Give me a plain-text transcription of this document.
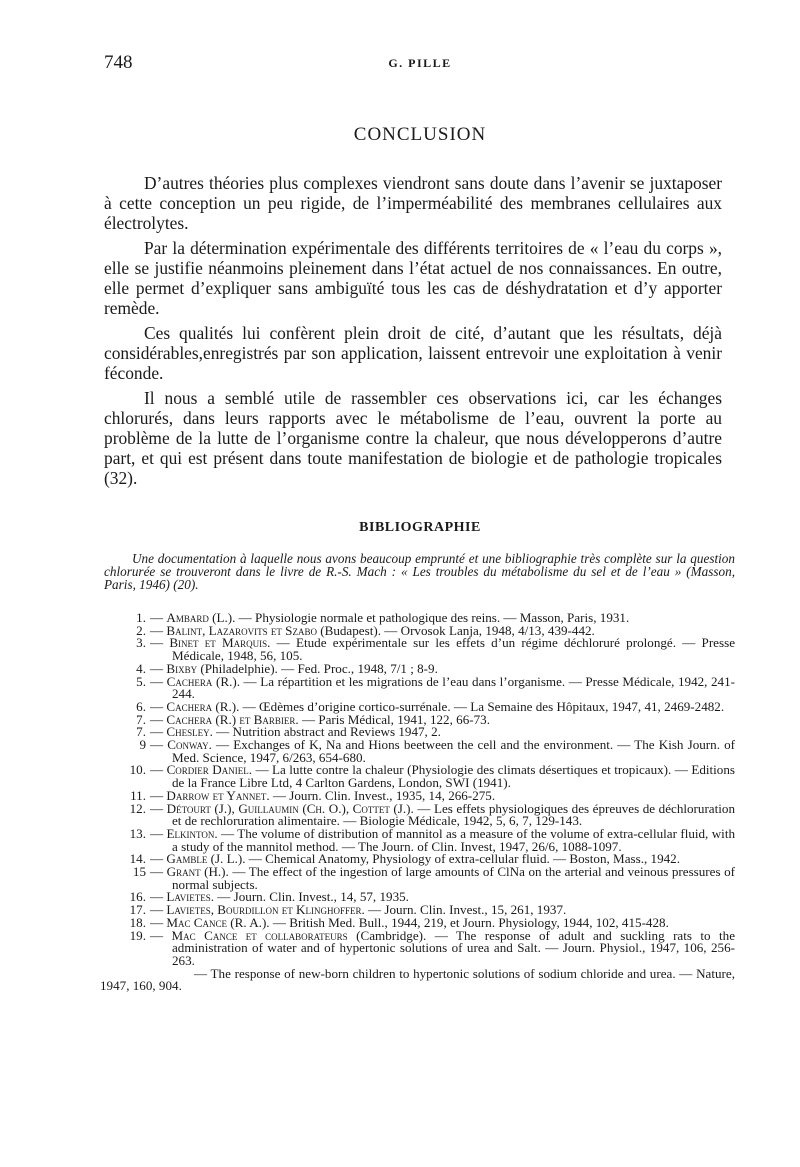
748	G. PILLE
CONCLUSION

D’autres théories plus complexes viendront sans doute dans l’avenir se juxtaposer à cette conception un peu rigide, de l’imperméabilité des membranes cellulaires aux électrolytes.

Par la détermination expérimentale des différents territoires de « l’eau du corps », elle se justifie néanmoins pleinement dans l’état actuel de nos connaissances. En outre, elle permet d’expliquer sans ambiguïté tous les cas de déshydratation et d’y apporter remède.

Ces qualités lui confèrent plein droit de cité, d’autant que les résultats, déjà considérables,enregistrés par son application, laissent entrevoir une exploitation à venir féconde.

Il nous a semblé utile de rassembler ces observations ici, car les échanges chlorurés, dans leurs rapports avec le métabolisme de l’eau, ouvrent la porte au problème de la lutte de l’organisme contre la chaleur, que nous développerons d’autre part, et qui est présent dans toute manifestation de biologie et de pathologie tropicales (32).

BIBLIOGRAPHIE

Une documentation à laquelle nous avons beaucoup emprunté et une bibliographie très complète sur la question chlorurée se trouveront dans le livre de R.-S. Mach : « Les troubles du métabolisme du sel et de l’eau » (Masson, Paris, 1946) (20).

1. — Ambard (L.). — Physiologie normale et pathologique des reins. — Masson, Paris, 1931.
2. — Balint, Lazarovits et Szabo (Budapest). — Orvosok Lanja, 1948, 4/13, 439-442.
3. — Binet et Marquis. — Etude expérimentale sur les effets d’un régime déchloruré prolongé. — Presse Médicale, 1948, 56, 105.
4. — Bixby (Philadelphie). — Fed. Proc., 1948, 7/1 ; 8-9.
5. — Cachera (R.). — La répartition et les migrations de l’eau dans l’organisme. — Presse Médicale, 1942, 241-244.
6. — Cachera (R.). — Œdèmes d’origine cortico-surrénale. — La Semaine des Hôpitaux, 1947, 41, 2469-2482.
7. — Cachera (R.) et Barbier. — Paris Médical, 1941, 122, 66-73.
7. — Chesley. — Nutrition abstract and Reviews 1947, 2.
9 — Conway. — Exchanges of K, Na and Hions beetween the cell and the environment. — The Kish Journ. of Med. Science, 1947, 6/263, 654-680.
10. — Cordier Daniel. — La lutte contre la chaleur (Physiologie des climats désertiques et tropicaux). — Editions de la France Libre Ltd, 4 Carlton Gardens, London, SWI (1941).
11. — Darrow et Yannet. — Journ. Clin. Invest., 1935, 14, 266-275.
12. — Détourt (J.), Guillaumin (Ch. O.), Cottet (J.). — Les effets physiologiques des épreuves de déchloruration et de rechloruration alimentaire. — Biologie Médicale, 1942, 5, 6, 7, 129-143.
13. — Elkinton. — The volume of distribution of mannitol as a measure of the volume of extra-cellular fluid, with a study of the mannitol method. — The Journ. of Clin. Invest, 1947, 26/6, 1088-1097.
14. — Gamble (J. L.). — Chemical Anatomy, Physiology of extra-cellular fluid. — Boston, Mass., 1942.
15 — Grant (H.). — The effect of the ingestion of large amounts of ClNa on the arterial and veinous pressures of normal subjects.
16. — Lavietes. — Journ. Clin. Invest., 14, 57, 1935.
17. — Lavietes, Bourdillon et Klinghoffer. — Journ. Clin. Invest., 15, 261, 1937.
18. — Mac Cance (R. A.). — British Med. Bull., 1944, 219, et Journ. Physiology, 1944, 102, 415-428.
19. — Mac Cance et collaborateurs (Cambridge). — The response of adult and suckling rats to the administration of water and of hypertonic solutions of urea and Salt. — Journ. Physiol., 1947, 106, 256-263.
— The response of new-born children to hypertonic solutions of sodium chloride and urea. — Nature, 1947, 160, 904.
